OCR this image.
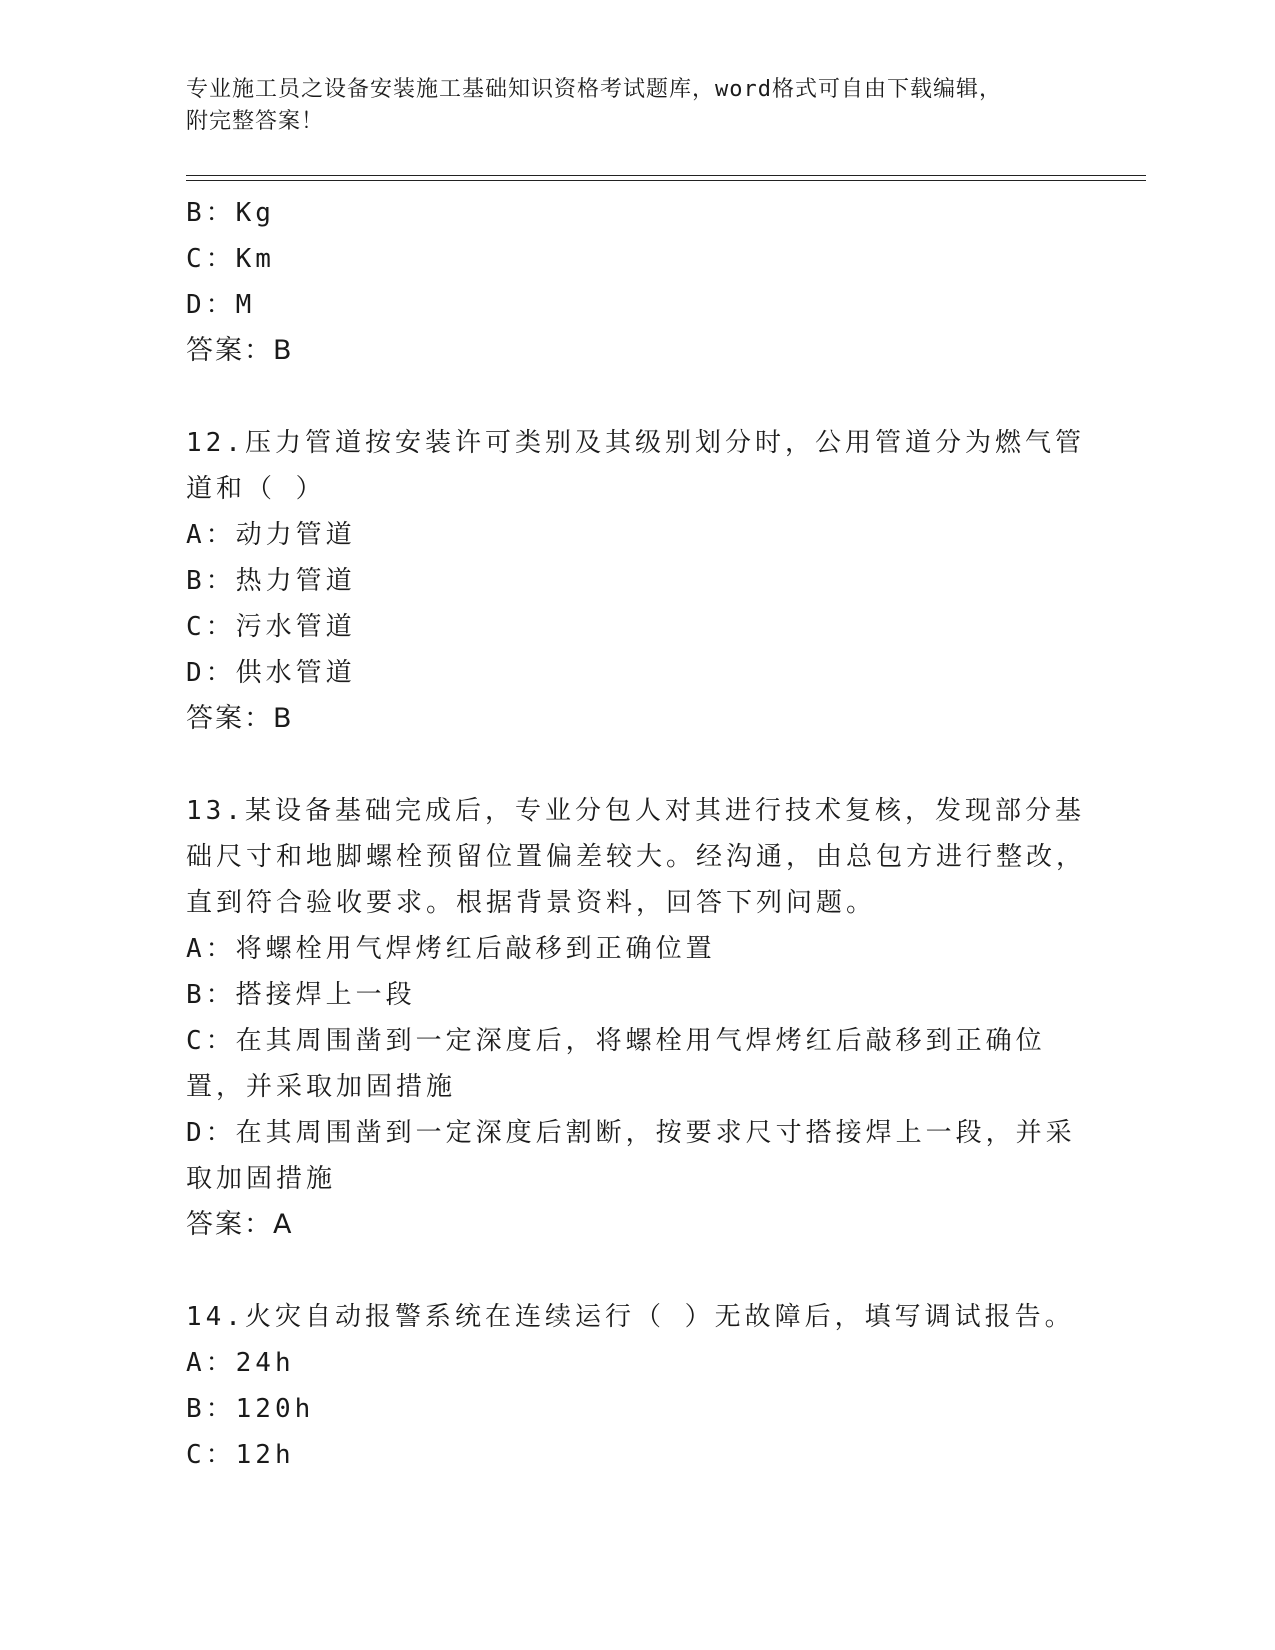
专业施工员之设备安装施工基础知识资格考试题库，word格式可自由下载编辑，
附完整答案！
B：Kg
C：Km
D：M
答案：B
12.压力管道按安装许可类别及其级别划分时，公用管道分为燃气管道和（ ）
A：动力管道
B：热力管道
C：污水管道
D：供水管道
答案：B
13.某设备基础完成后，专业分包人对其进行技术复核，发现部分基础尺寸和地脚螺栓预留位置偏差较大。经沟通，由总包方进行整改，直到符合验收要求。根据背景资料，回答下列问题。
A：将螺栓用气焊烤红后敲移到正确位置
B：搭接焊上一段
C：在其周围凿到一定深度后，将螺栓用气焊烤红后敲移到正确位置，并采取加固措施
D：在其周围凿到一定深度后割断，按要求尺寸搭接焊上一段，并采取加固措施
答案：A
14.火灾自动报警系统在连续运行（ ）无故障后，填写调试报告。
A：24h
B：120h
C：12h
